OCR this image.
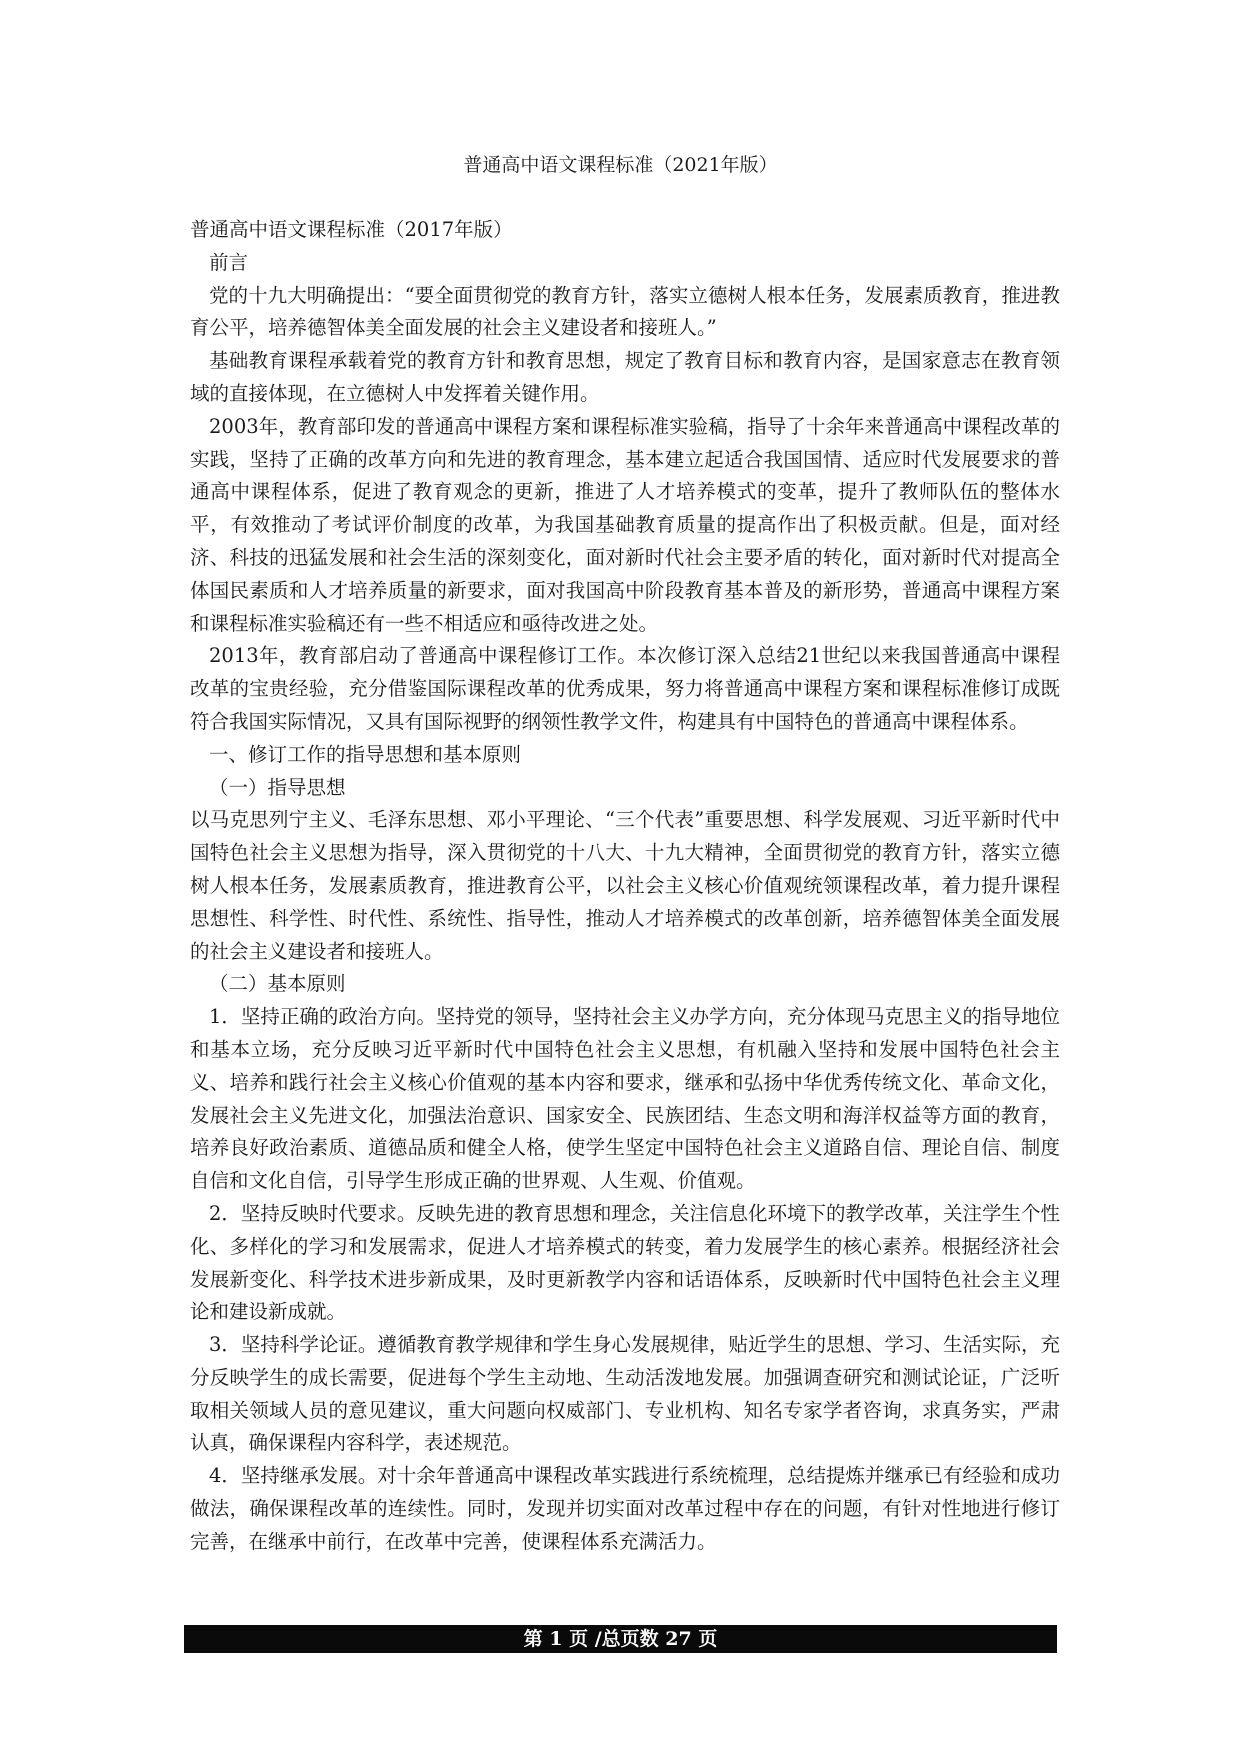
普通高中语文课程标准（2021年版）

普通高中语文课程标准（2017年版）

前言

党的十九大明确提出：“要全面贯彻党的教育方针，落实立德树人根本任务，发展素质教育，推进教育公平，培养德智体美全面发展的社会主义建设者和接班人。”

基础教育课程承载着党的教育方针和教育思想，规定了教育目标和教育内容，是国家意志在教育领域的直接体现，在立德树人中发挥着关键作用。

2003年，教育部印发的普通高中课程方案和课程标准实验稿，指导了十余年来普通高中课程改革的实践，坚持了正确的改革方向和先进的教育理念，基本建立起适合我国国情、适应时代发展要求的普通高中课程体系，促进了教育观念的更新，推进了人才培养模式的变革，提升了教师队伍的整体水平，有效推动了考试评价制度的改革，为我国基础教育质量的提高作出了积极贡献。但是，面对经济、科技的迅猛发展和社会生活的深刻变化，面对新时代社会主要矛盾的转化，面对新时代对提高全体国民素质和人才培养质量的新要求，面对我国高中阶段教育基本普及的新形势，普通高中课程方案和课程标准实验稿还有一些不相适应和亟待改进之处。

2013年，教育部启动了普通高中课程修订工作。本次修订深入总结21世纪以来我国普通高中课程改革的宝贵经验，充分借鉴国际课程改革的优秀成果，努力将普通高中课程方案和课程标准修订成既符合我国实际情况，又具有国际视野的纲领性教学文件，构建具有中国特色的普通高中课程体系。

一、修订工作的指导思想和基本原则

（一）指导思想

以马克思列宁主义、毛泽东思想、邓小平理论、“三个代表”重要思想、科学发展观、习近平新时代中国特色社会主义思想为指导，深入贯彻党的十八大、十九大精神，全面贯彻党的教育方针，落实立德树人根本任务，发展素质教育，推进教育公平，以社会主义核心价值观统领课程改革，着力提升课程思想性、科学性、时代性、系统性、指导性，推动人才培养模式的改革创新，培养德智体美全面发展的社会主义建设者和接班人。

（二）基本原则

1．坚持正确的政治方向。坚持党的领导，坚持社会主义办学方向，充分体现马克思主义的指导地位和基本立场，充分反映习近平新时代中国特色社会主义思想，有机融入坚持和发展中国特色社会主义、培养和践行社会主义核心价值观的基本内容和要求，继承和弘扬中华优秀传统文化、革命文化，发展社会主义先进文化，加强法治意识、国家安全、民族团结、生态文明和海洋权益等方面的教育，培养良好政治素质、道德品质和健全人格，使学生坚定中国特色社会主义道路自信、理论自信、制度自信和文化自信，引导学生形成正确的世界观、人生观、价值观。

2．坚持反映时代要求。反映先进的教育思想和理念，关注信息化环境下的教学改革，关注学生个性化、多样化的学习和发展需求，促进人才培养模式的转变，着力发展学生的核心素养。根据经济社会发展新变化、科学技术进步新成果，及时更新教学内容和话语体系，反映新时代中国特色社会主义理论和建设新成就。

3．坚持科学论证。遵循教育教学规律和学生身心发展规律，贴近学生的思想、学习、生活实际，充分反映学生的成长需要，促进每个学生主动地、生动活泼地发展。加强调查研究和测试论证，广泛听取相关领域人员的意见建议，重大问题向权威部门、专业机构、知名专家学者咨询，求真务实，严肃认真，确保课程内容科学，表述规范。

4．坚持继承发展。对十余年普通高中课程改革实践进行系统梳理，总结提炼并继承已有经验和成功做法，确保课程改革的连续性。同时，发现并切实面对改革过程中存在的问题，有针对性地进行修订完善，在继承中前行，在改革中完善，使课程体系充满活力。

第 1 页 /总页数 27 页
